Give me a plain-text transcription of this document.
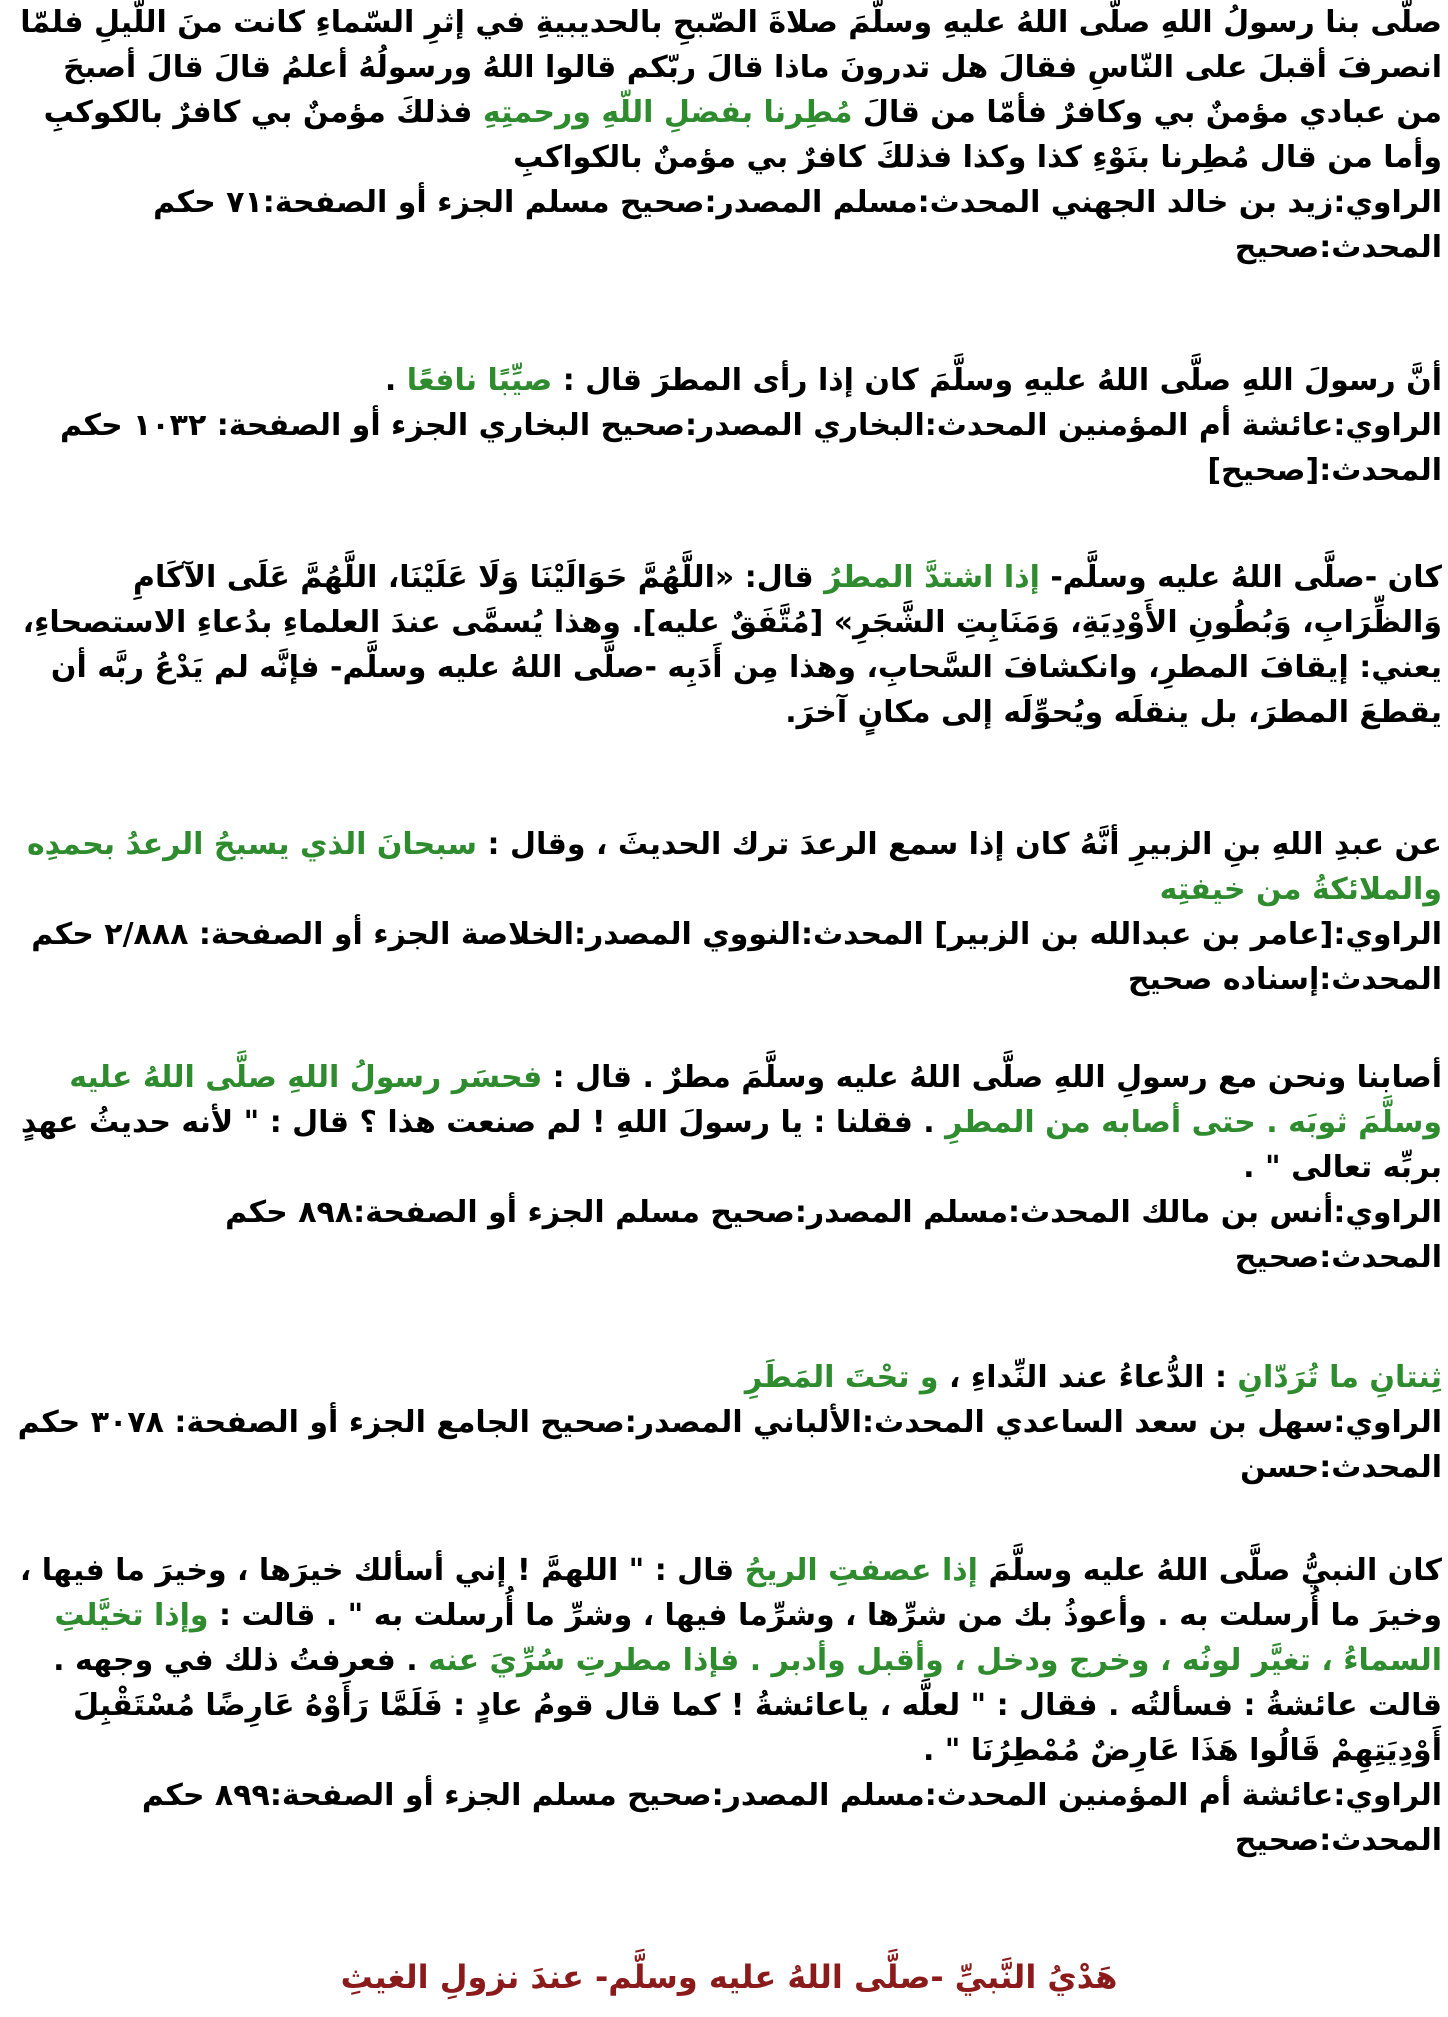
صلّى بنا رسولُ اللهِ صلّى اللهُ عليهِ وسلّمَ صلاةَ الصّبحِ بالحديبيةِ في إثرِ السّماءِ كانت منَ اللّيلِ فلمّا انصرفَ أقبلَ على النّاسِ فقالَ هل تدرونَ ماذا قالَ ربّكم قالوا اللهُ ورسولُهُ أعلمُ قالَ قالَ أصبحَ من عبادي مؤمنٌ بي وكافرٌ فأمّا من قالَ مُطِرنا بفضلِ اللّهِ ورحمتِهِ فذلكَ مؤمنٌ بي كافرٌ بالكوكبِ وأما من قال مُطِرنا بنَوْءِ كذا وكذا فذلكَ كافرٌ بي مؤمنٌ بالكواكبِ

الراوي:زيد بن خالد الجهني المحدث:مسلم المصدر:صحيح مسلم الجزء أو الصفحة:٧١ حكم المحدث:صحيح

أنَّ رسولَ اللهِ صلَّى اللهُ عليهِ وسلَّمَ كان إذا رأى المطرَ قال : صيِّبًا نافعًا .

الراوي:عائشة أم المؤمنين المحدث:البخاري المصدر:صحيح البخاري الجزء أو الصفحة: ١٠٣٢ حكم المحدث:[صحيح]

كان -صلَّى اللهُ عليه وسلَّم- إذا اشتدَّ المطرُ قال: «اللَّهُمَّ حَوَالَيْنَا وَلَا عَلَيْنَا، اللَّهُمَّ عَلَى الآكَامِ وَالظِّرَابِ، وَبُطُونِ الأَوْدِيَةِ، وَمَنَابِتِ الشَّجَرِ» [مُتَّفَقٌ عليه]. وهذا يُسمَّى عندَ العلماءِ بدُعاءِ الاستصحاءِ، يعني: إيقافَ المطرِ، وانكشافَ السَّحابِ، وهذا مِن أَدَبِه -صلَّى اللهُ عليه وسلَّم- فإنَّه لم يَدْعُ ربَّه أن يقطعَ المطرَ، بل ينقلَه ويُحوِّلَه إلى مكانٍ آخرَ.

عن عبدِ اللهِ بنِ الزبيرِ أنَّهُ كان إذا سمع الرعدَ ترك الحديثَ ، وقال : سبحانَ الذي يسبحُ الرعدُ بحمدِه والملائكةُ من خيفتِه

الراوي:[عامر بن عبدالله بن الزبير] المحدث:النووي المصدر:الخلاصة الجزء أو الصفحة: ٢/٨٨٨ حكم المحدث:إسناده صحيح

أصابنا ونحن مع رسولِ اللهِ صلَّى اللهُ عليه وسلَّمَ مطرٌ . قال : فحسَر رسولُ اللهِ صلَّى اللهُ عليه وسلَّمَ ثوبَه . حتى أصابه من المطرِ . فقلنا : يا رسولَ اللهِ ! لم صنعت هذا ؟ قال : " لأنه حديثُ عهدٍ بربِّه تعالى " .

الراوي:أنس بن مالك المحدث:مسلم المصدر:صحيح مسلم الجزء أو الصفحة:٨٩٨ حكم المحدث:صحيح

ثِنتانِ ما تُرَدّانِ : الدُّعاءُ عند النِّداءِ ، و تحْتَ المَطَرِ

الراوي:سهل بن سعد الساعدي المحدث:الألباني المصدر:صحيح الجامع الجزء أو الصفحة: ٣٠٧٨ حكم المحدث:حسن

كان النبيُّ صلَّى اللهُ عليه وسلَّمَ إذا عصفتِ الريحُ قال : " اللهمَّ ! إني أسألك خيرَها ، وخيرَ ما فيها ، وخيرَ ما أُرسلت به . وأعوذُ بك من شرِّها ، وشرِّما فيها ، وشرِّ ما أُرسلت به " . قالت : وإذا تخيَّلتِ السماءُ ، تغيَّر لونُه ، وخرج ودخل ، وأقبل وأدبر . فإذا مطرتِ سُرِّيَ عنه . فعرفتُ ذلك في وجهه . قالت عائشةُ : فسألتُه . فقال : " لعلَّه ، ياعائشةُ ! كما قال قومُ عادٍ : فَلَمَّا رَأَوْهُ عَارِضًا مُسْتَقْبِلَ أَوْدِيَتِهِمْ قَالُوا هَذَا عَارِضٌ مُمْطِرُنَا " .

الراوي:عائشة أم المؤمنين المحدث:مسلم المصدر:صحيح مسلم الجزء أو الصفحة:٨٩٩ حكم المحدث:صحيح

هَدْيُ النَّبيِّ -صلَّى اللهُ عليه وسلَّم- عندَ نزولِ الغيثِ
